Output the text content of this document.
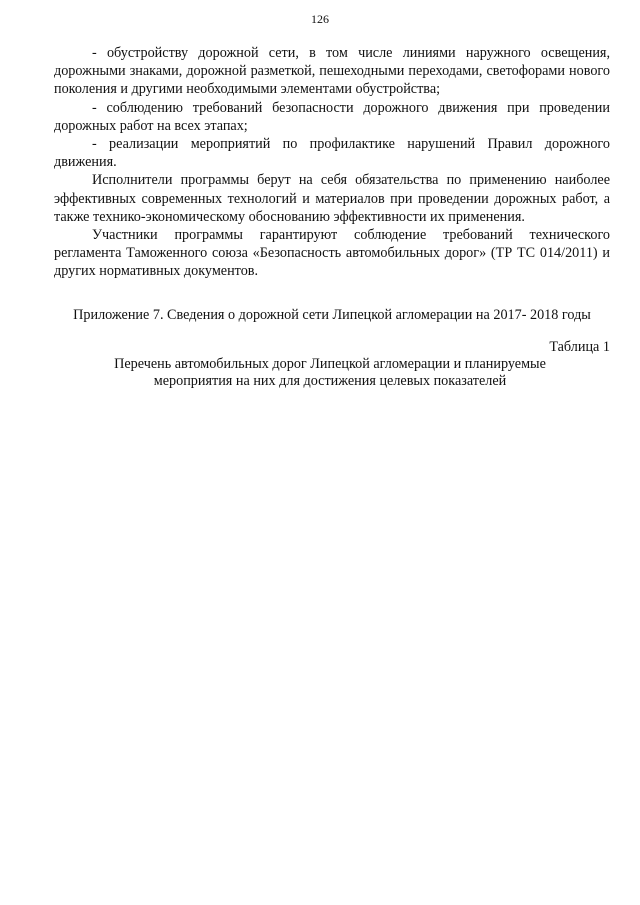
126

- обустройству дорожной сети, в том числе линиями наружного освещения, дорожными знаками, дорожной разметкой, пешеходными переходами, светофорами нового поколения и другими необходимыми элементами обустройства;

- соблюдению требований безопасности дорожного движения при проведении дорожных работ на всех этапах;

- реализации мероприятий по профилактике нарушений Правил дорожного движения.

Исполнители программы берут на себя обязательства по применению наиболее эффективных современных технологий и материалов при проведении дорожных работ, а также технико-экономическому обоснованию эффективности их применения.

Участники программы гарантируют соблюдение требований технического регламента Таможенного союза «Безопасность автомобильных дорог» (ТР ТС 014/2011) и других нормативных документов.

Приложение 7. Сведения о дорожной сети Липецкой агломерации на 2017- 2018 годы
Таблица 1
Перечень автомобильных дорог Липецкой агломерации и планируемые
мероприятия на них для достижения целевых показателей
